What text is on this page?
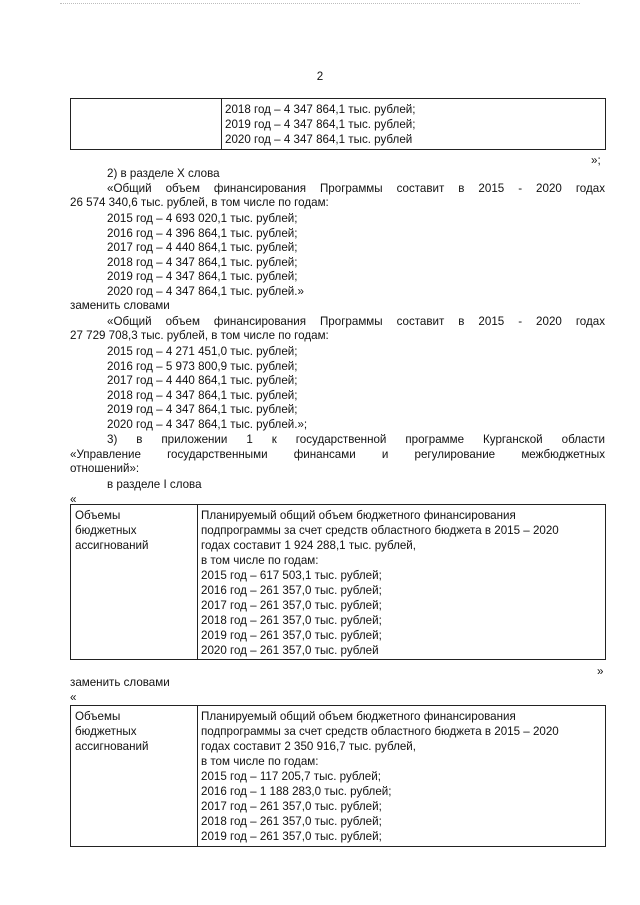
2
2018 год – 4 347 864,1 тыс. рублей;
2019 год – 4 347 864,1 тыс. рублей;
2020 год – 4 347 864,1 тыс. рублей
»;
2) в разделе X слова
«Общий объем финансирования Программы составит в 2015 - 2020 годах
26 574 340,6 тыс. рублей, в том числе по годам:
2015 год – 4 693 020,1 тыс. рублей;
2016 год – 4 396 864,1 тыс. рублей;
2017 год – 4 440 864,1 тыс. рублей;
2018 год – 4 347 864,1 тыс. рублей;
2019 год – 4 347 864,1 тыс. рублей;
2020 год – 4 347 864,1 тыс. рублей.»
заменить словами
«Общий объем финансирования Программы составит в 2015 - 2020 годах
27 729 708,3 тыс. рублей, в том числе по годам:
2015 год – 4 271 451,0 тыс. рублей;
2016 год – 5 973 800,9 тыс. рублей;
2017 год – 4 440 864,1 тыс. рублей;
2018 год – 4 347 864,1 тыс. рублей;
2019 год – 4 347 864,1 тыс. рублей;
2020 год – 4 347 864,1 тыс. рублей.»;
3) в приложении 1 к государственной программе Курганской области
«Управление государственными финансами и регулирование межбюджетных
отношений»:
в разделе I слова
«
Объемы
бюджетных
ассигнований
Планируемый общий объем бюджетного финансирования
подпрограммы за счет средств областного бюджета в 2015 – 2020
годах составит 1 924 288,1 тыс. рублей,
в том числе по годам:
2015 год – 617 503,1 тыс. рублей;
2016 год – 261 357,0 тыс. рублей;
2017 год – 261 357,0 тыс. рублей;
2018 год – 261 357,0 тыс. рублей;
2019 год – 261 357,0 тыс. рублей;
2020 год – 261 357,0 тыс. рублей
»
заменить словами
«
Объемы
бюджетных
ассигнований
Планируемый общий объем бюджетного финансирования
подпрограммы за счет средств областного бюджета в 2015 – 2020
годах составит 2 350 916,7 тыс. рублей,
в том числе по годам:
2015 год – 117 205,7 тыс. рублей;
2016 год – 1 188 283,0 тыс. рублей;
2017 год – 261 357,0 тыс. рублей;
2018 год – 261 357,0 тыс. рублей;
2019 год – 261 357,0 тыс. рублей;
